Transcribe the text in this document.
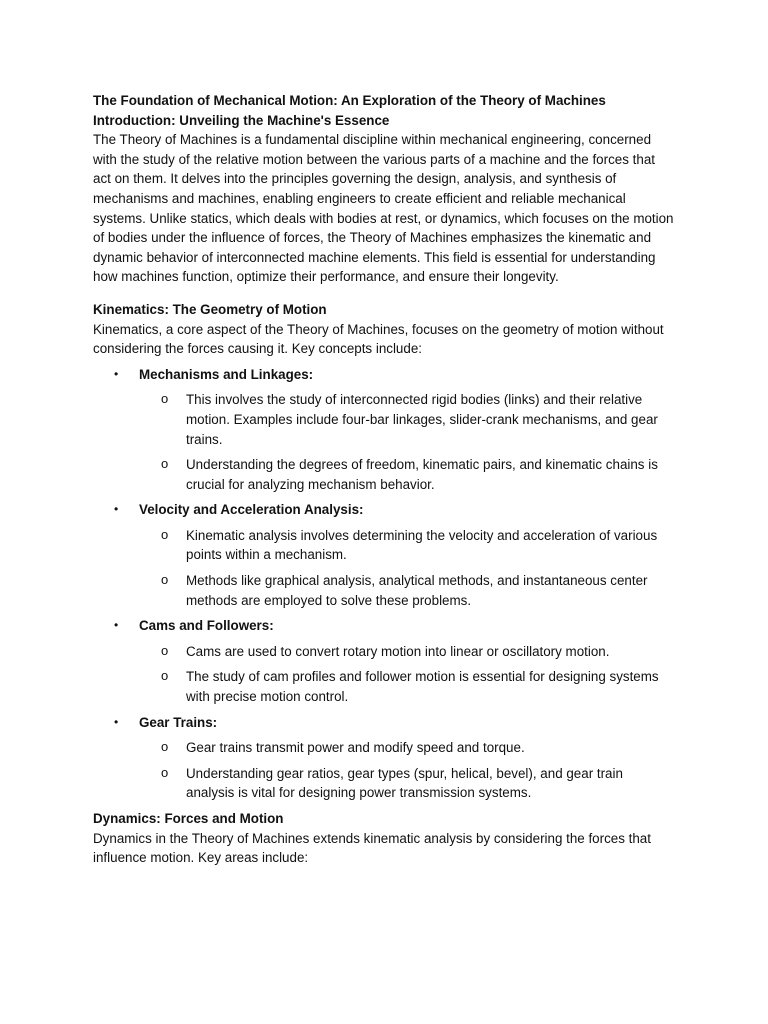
The Foundation of Mechanical Motion: An Exploration of the Theory of Machines

Introduction: Unveiling the Machine's Essence

The Theory of Machines is a fundamental discipline within mechanical engineering, concerned with the study of the relative motion between the various parts of a machine and the forces that act on them. It delves into the principles governing the design, analysis, and synthesis of mechanisms and machines, enabling engineers to create efficient and reliable mechanical systems. Unlike statics, which deals with bodies at rest, or dynamics, which focuses on the motion of bodies under the influence of forces, the Theory of Machines emphasizes the kinematic and dynamic behavior of interconnected machine elements. This field is essential for understanding how machines function, optimize their performance, and ensure their longevity.

Kinematics: The Geometry of Motion

Kinematics, a core aspect of the Theory of Machines, focuses on the geometry of motion without considering the forces causing it. Key concepts include:

• Mechanisms and Linkages:
o This involves the study of interconnected rigid bodies (links) and their relative motion. Examples include four-bar linkages, slider-crank mechanisms, and gear trains.
o Understanding the degrees of freedom, kinematic pairs, and kinematic chains is crucial for analyzing mechanism behavior.
• Velocity and Acceleration Analysis:
o Kinematic analysis involves determining the velocity and acceleration of various points within a mechanism.
o Methods like graphical analysis, analytical methods, and instantaneous center methods are employed to solve these problems.
• Cams and Followers:
o Cams are used to convert rotary motion into linear or oscillatory motion.
o The study of cam profiles and follower motion is essential for designing systems with precise motion control.
• Gear Trains:
o Gear trains transmit power and modify speed and torque.
o Understanding gear ratios, gear types (spur, helical, bevel), and gear train analysis is vital for designing power transmission systems.

Dynamics: Forces and Motion

Dynamics in the Theory of Machines extends kinematic analysis by considering the forces that influence motion. Key areas include:
